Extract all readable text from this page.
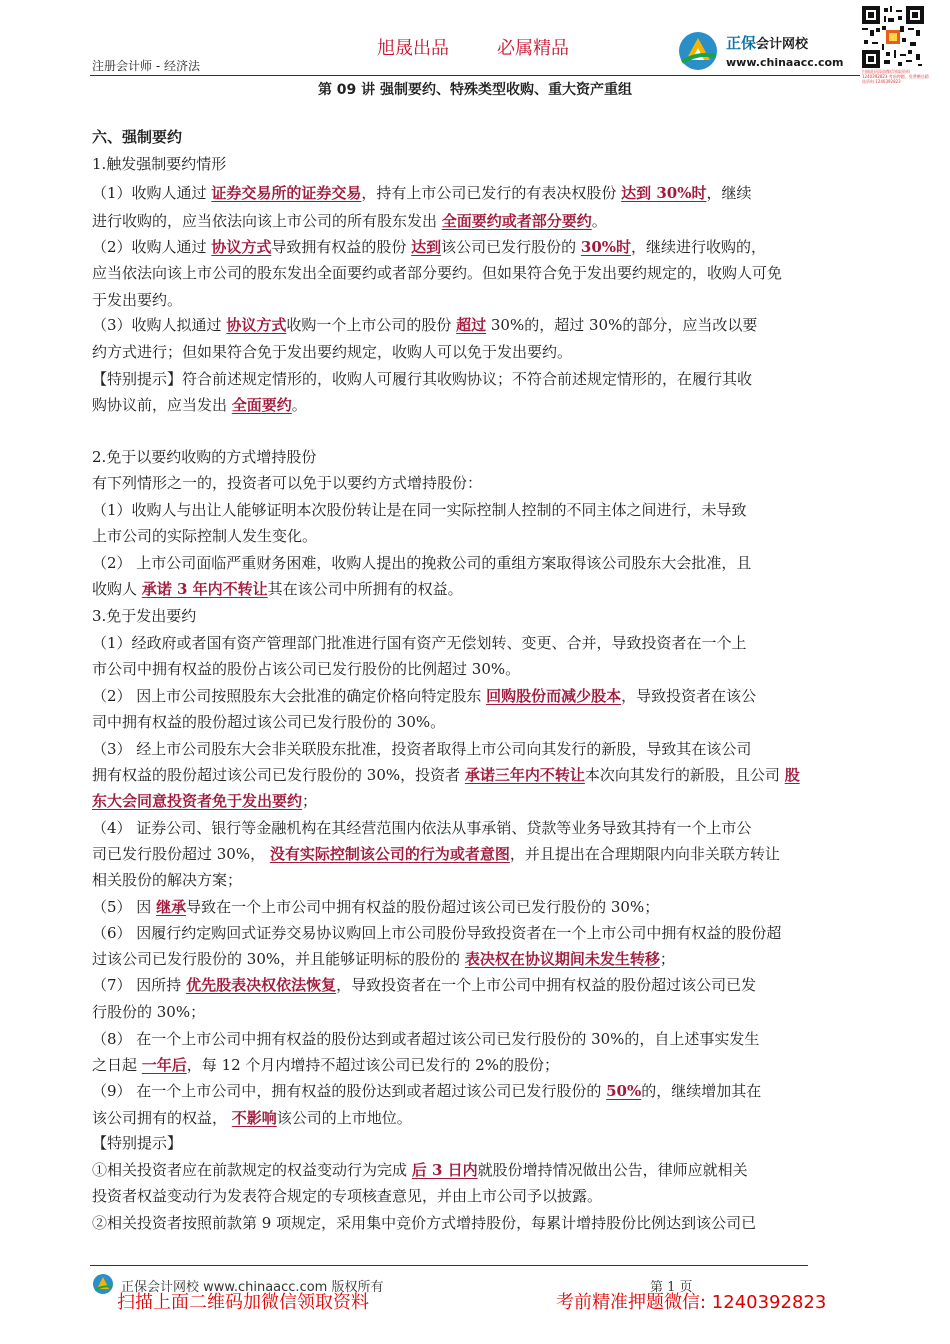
旭晟出品	必属精品
注册会计师 - 经济法
正保会计网校
www.chinaacc.com
扫描此码添加微信领取资料 1240392823 考前押题，免费赠送精选资料 1240392823
第 09 讲 强制要约、特殊类型收购、重大资产重组
六、强制要约
1.触发强制要约情形
（1）收购人通过 证券交易所的证券交易，持有上市公司已发行的有表决权股份 达到 30%时，继续
进行收购的，应当依法向该上市公司的所有股东发出 全面要约或者部分要约。
（2）收购人通过 协议方式导致拥有权益的股份 达到该公司已发行股份的 30%时，继续进行收购的，
应当依法向该上市公司的股东发出全面要约或者部分要约。但如果符合免于发出要约规定的，收购人可免
于发出要约。
（3）收购人拟通过 协议方式收购一个上市公司的股份 超过 30%的，超过 30%的部分，应当改以要
约方式进行；但如果符合免于发出要约规定，收购人可以免于发出要约。
【特别提示】符合前述规定情形的，收购人可履行其收购协议；不符合前述规定情形的，在履行其收
购协议前，应当发出 全面要约。
2.免于以要约收购的方式增持股份
有下列情形之一的，投资者可以免于以要约方式增持股份：
（1）收购人与出让人能够证明本次股份转让是在同一实际控制人控制的不同主体之间进行，未导致
上市公司的实际控制人发生变化。
（2） 上市公司面临严重财务困难，收购人提出的挽救公司的重组方案取得该公司股东大会批准，且
收购人 承诺 3 年内不转让其在该公司中所拥有的权益。
3.免于发出要约
（1）经政府或者国有资产管理部门批准进行国有资产无偿划转、变更、合并，导致投资者在一个上
市公司中拥有权益的股份占该公司已发行股份的比例超过 30%。
（2） 因上市公司按照股东大会批准的确定价格向特定股东 回购股份而减少股本，导致投资者在该公
司中拥有权益的股份超过该公司已发行股份的 30%。
（3） 经上市公司股东大会非关联股东批准，投资者取得上市公司向其发行的新股，导致其在该公司
拥有权益的股份超过该公司已发行股份的 30%，投资者 承诺三年内不转让本次向其发行的新股，且公司 股
东大会同意投资者免于发出要约；
（4） 证券公司、银行等金融机构在其经营范围内依法从事承销、贷款等业务导致其持有一个上市公
司已发行股份超过 30%， 没有实际控制该公司的行为或者意图，并且提出在合理期限内向非关联方转让
相关股份的解决方案；
（5） 因 继承导致在一个上市公司中拥有权益的股份超过该公司已发行股份的 30%；
（6） 因履行约定购回式证券交易协议购回上市公司股份导致投资者在一个上市公司中拥有权益的股份超
过该公司已发行股份的 30%，并且能够证明标的股份的 表决权在协议期间未发生转移；
（7） 因所持 优先股表决权依法恢复，导致投资者在一个上市公司中拥有权益的股份超过该公司已发
行股份的 30%；
（8） 在一个上市公司中拥有权益的股份达到或者超过该公司已发行股份的 30%的，自上述事实发生
之日起 一年后，每 12 个月内增持不超过该公司已发行的 2%的股份；
（9） 在一个上市公司中，拥有权益的股份达到或者超过该公司已发行股份的 50%的，继续增加其在
该公司拥有的权益， 不影响该公司的上市地位。
【特别提示】
①相关投资者应在前款规定的权益变动行为完成 后 3 日内就股份增持情况做出公告，律师应就相关
投资者权益变动行为发表符合规定的专项核查意见，并由上市公司予以披露。
②相关投资者按照前款第 9 项规定，采用集中竞价方式增持股份，每累计增持股份比例达到该公司已
正保会计网校 www.chinaacc.com 版权所有	第 1 页
扫描上面二维码加微信领取资料	考前精准押题微信: 1240392823
